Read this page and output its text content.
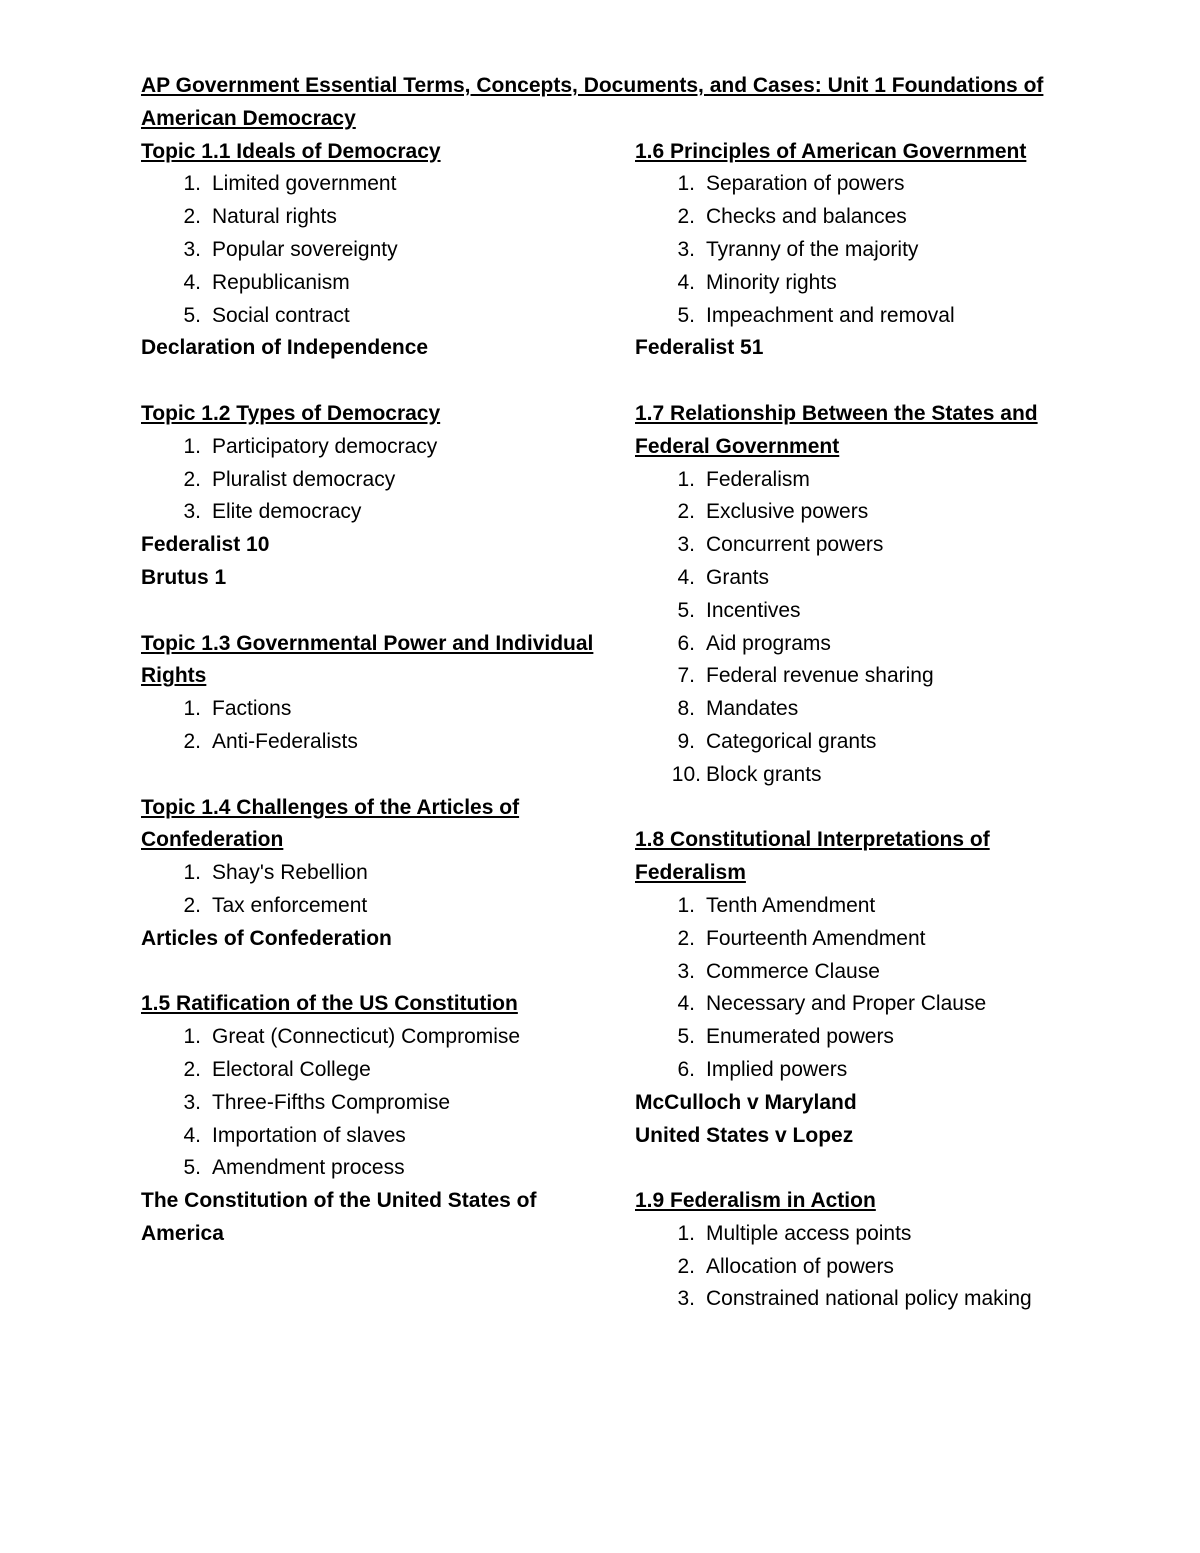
AP Government Essential Terms, Concepts, Documents, and Cases: Unit 1 Foundations of American Democracy
Topic 1.1 Ideals of Democracy
1. Limited government
2. Natural rights
3. Popular sovereignty
4. Republicanism
5. Social contract
Declaration of Independence
Topic 1.2 Types of Democracy
1. Participatory democracy
2. Pluralist democracy
3. Elite democracy
Federalist 10
Brutus 1
Topic 1.3 Governmental Power and Individual Rights
1. Factions
2. Anti-Federalists
Topic 1.4 Challenges of the Articles of Confederation
1. Shay's Rebellion
2. Tax enforcement
Articles of Confederation
1.5 Ratification of the US Constitution
1. Great (Connecticut) Compromise
2. Electoral College
3. Three-Fifths Compromise
4. Importation of slaves
5. Amendment process
The Constitution of the United States of America
1.6 Principles of American Government
1. Separation of powers
2. Checks and balances
3. Tyranny of the majority
4. Minority rights
5. Impeachment and removal
Federalist 51
1.7 Relationship Between the States and Federal Government
1. Federalism
2. Exclusive powers
3. Concurrent powers
4. Grants
5. Incentives
6. Aid programs
7. Federal revenue sharing
8. Mandates
9. Categorical grants
10. Block grants
1.8 Constitutional Interpretations of Federalism
1. Tenth Amendment
2. Fourteenth Amendment
3. Commerce Clause
4. Necessary and Proper Clause
5. Enumerated powers
6. Implied powers
McCulloch v Maryland
United States v Lopez
1.9 Federalism in Action
1. Multiple access points
2. Allocation of powers
3. Constrained national policy making
